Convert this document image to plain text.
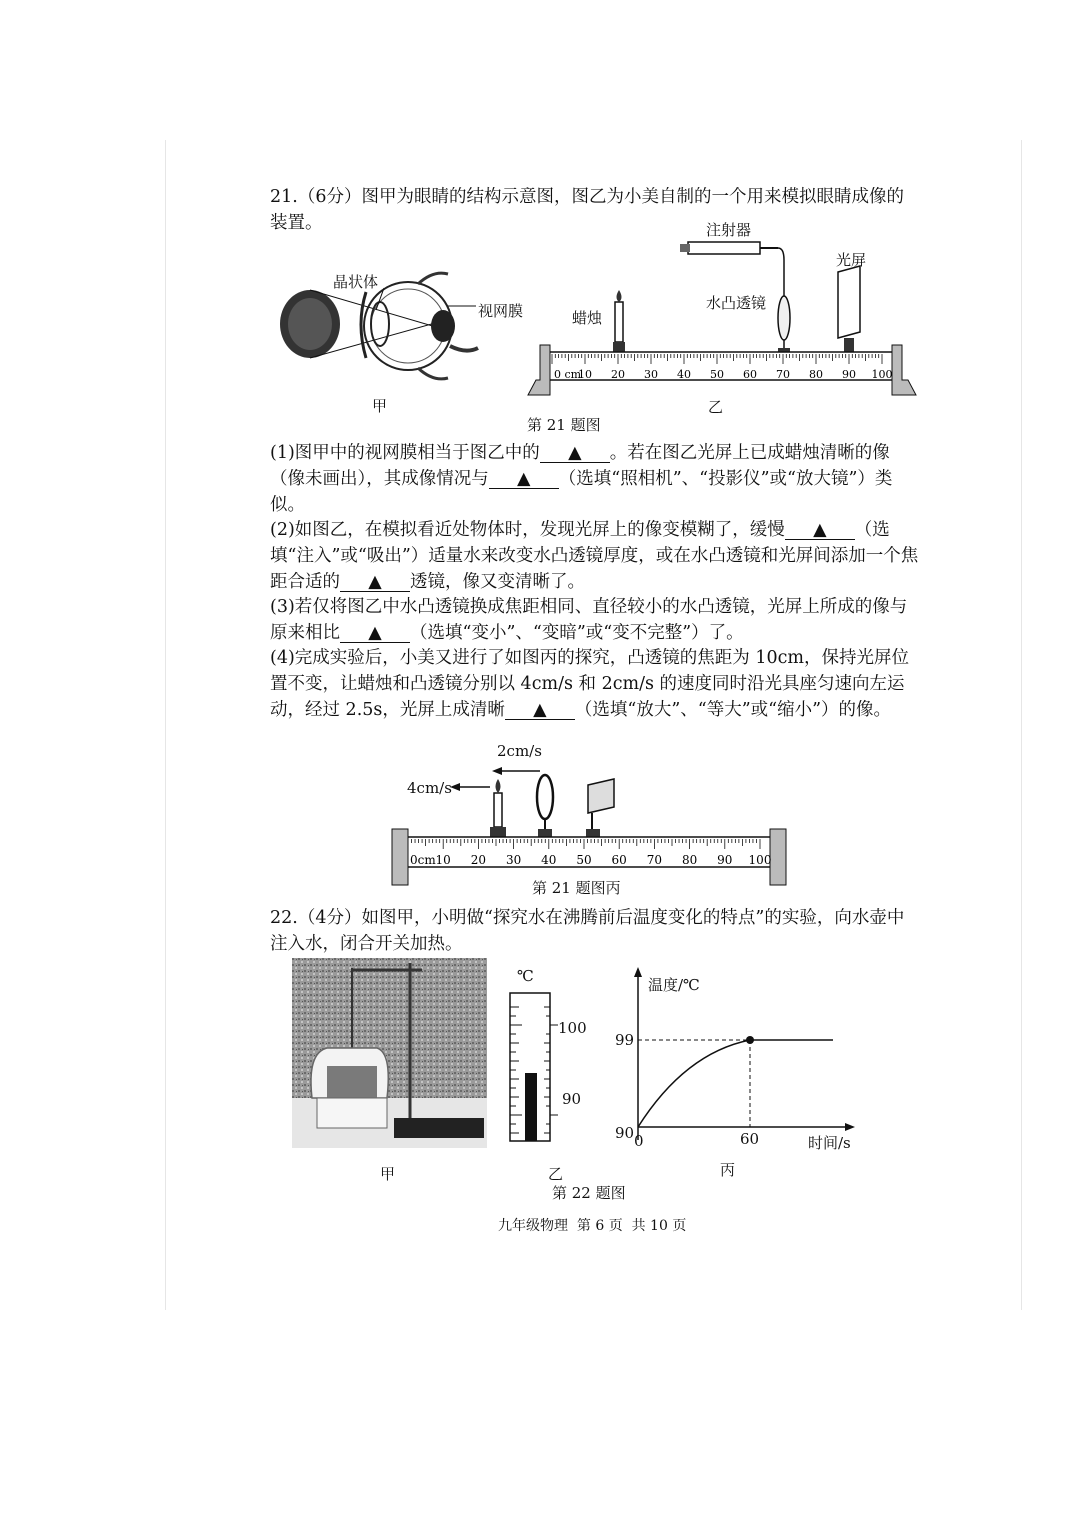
21.（6分）图甲为眼睛的结构示意图，图乙为小美自制的一个用来模拟眼睛成像的装置。
晶状体
视网膜
甲
0 cm
10 20 30 40 50 60 70 80 90 100
注射器
光屏
蜡烛
水凸透镜
乙
第 21 题图
(1)图甲中的视网膜相当于图乙中的 ▲ 。若在图乙光屏上已成蜡烛清晰的像（像未画出），其成像情况与 ▲ （选填“照相机”、“投影仪”或“放大镜”）类似。
(2)如图乙，在模拟看近处物体时，发现光屏上的像变模糊了，缓慢 ▲ （选填“注入”或“吸出”）适量水来改变水凸透镜厚度，或在水凸透镜和光屏间添加一个焦距合适的 ▲ 透镜，像又变清晰了。
(3)若仅将图乙中水凸透镜换成焦距相同、直径较小的水凸透镜，光屏上所成的像与原来相比 ▲ （选填“变小”、“变暗”或“变不完整”）了。
(4)完成实验后，小美又进行了如图丙的探究，凸透镜的焦距为 10cm，保持光屏位置不变，让蜡烛和凸透镜分别以 4cm/s 和 2cm/s 的速度同时沿光具座匀速向左运动，经过 2.5s，光屏上成清晰 ▲ （选填“放大”、“等大”或“缩小”）的像。
0cm 10 20 30 40 50 60 70 80 90 100
2cm/s
4cm/s
第 21 题图丙
22.（4分）如图甲，小明做“探究水在沸腾前后温度变化的特点”的实验，向水壶中注入水，闭合开关加热。
甲
℃
100
90
乙
温度/℃
99
90 0	60	时间/s
丙
第 22 题图
九年级物理  第 6 页  共 10 页
